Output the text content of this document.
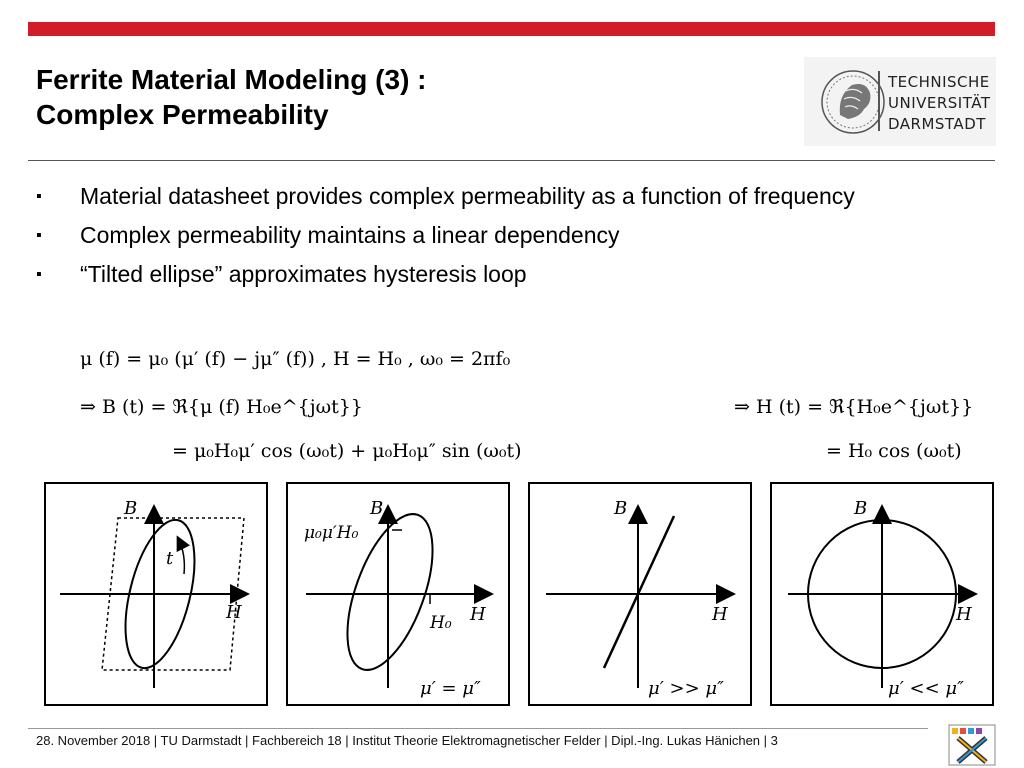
Ferrite Material Modeling (3) :
Complex Permeability
TECHNISCHE
UNIVERSITÄT
DARMSTADT
▪ Material datasheet provides complex permeability as a function of frequency
▪ Complex permeability maintains a linear dependency
▪ “Tilted ellipse” approximates hysteresis loop
μ (f) = μ₀ (μ′ (f) − jμ″ (f)) , H = H₀ , ω₀ = 2πf₀
⇒ B (t) = ℜ{μ (f) H₀e^{jωt}}
= μ₀H₀μ′ cos (ω₀t) + μ₀H₀μ″ sin (ω₀t)
⇒ H (t) = ℜ{H₀e^{jωt}}
= H₀ cos (ω₀t)
B
H
t
B
H
μ₀μ′H₀
H₀
μ′ = μ″
B
H
μ′ >> μ″
B
H
μ′ << μ″
28. November 2018 | TU Darmstadt | Fachbereich 18 | Institut Theorie Elektromagnetischer Felder | Dipl.-Ing. Lukas Hänichen | 3
